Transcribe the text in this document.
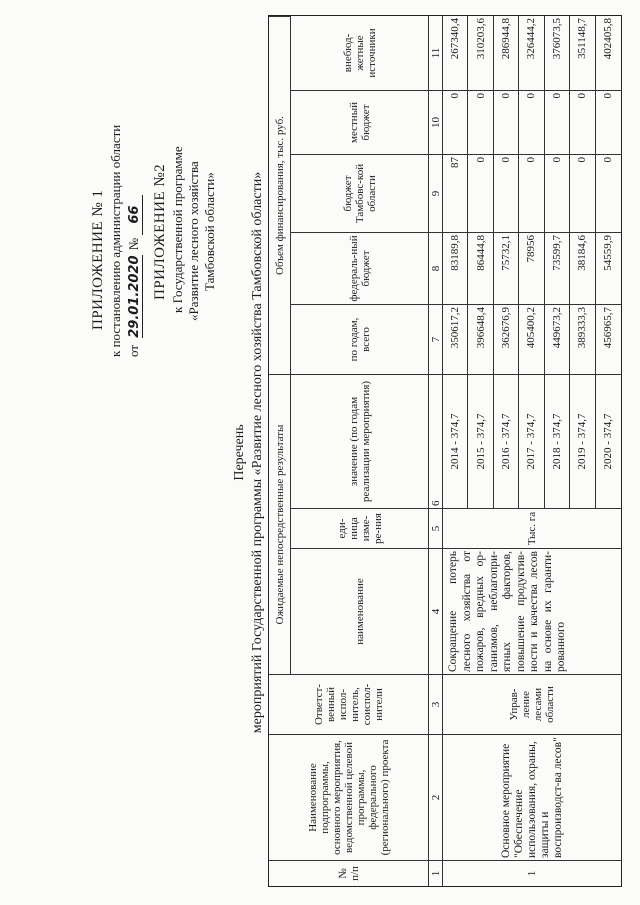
ПРИЛОЖЕНИЕ № 1 к постановлению администрации области от 29.01.2020 № 66 ПРИЛОЖЕНИЕ №2 к Государственной программе «Развитие лесного хозяйства Тамбовской области»
Перечень мероприятий Государственной программы «Развитие лесного хозяйства Тамбовской области»
№ п/п
Наименование подпрограммы, основного мероприятия, ведомственной целевой программы, федерального (регионального) проекта
Ответст-венный испол-нитель, соиспол-нители
Ожидаемые непосредственные результаты	наименование
еди-ница изме-ре-ния
значение (по годам реализации мероприятия)
Объем финансирования, тыс. руб.
по годам, всего
федераль-ный бюджет
бюджет Тамбовс-кой области
местный бюджет
внебюд-жетные источники
1
2
3
4
5
6
7
8
9
10
11
1
Основное мероприятие "Обеспечение использования, охраны, защиты и воспроизводст-ва лесов"
Управ-ление лесами области
Сокращение потерь лесного хозяйства от пожаров, вредных ор-ганизмов, неблагопри-ятных факторов, повышение продуктив-ности и качества лесов на основе их гаранти-рованного
Тыс. га
2014 - 374,7
350617,2
83189,8
87
0
267340,4
2015 - 374,7
396648,4
86444,8
0
0
310203,6
2016 - 374,7
362676,9
75732,1
0
0
286944,8
2017 - 374,7
405400,2
78956
0
0
326444,2
2018 - 374,7
449673,2
73599,7
0
0
376073,5
2019 - 374,7
389333,3
38184,6
0
0
351148,7
2020 - 374,7
456965,7
54559,9
0
0
402405,8
